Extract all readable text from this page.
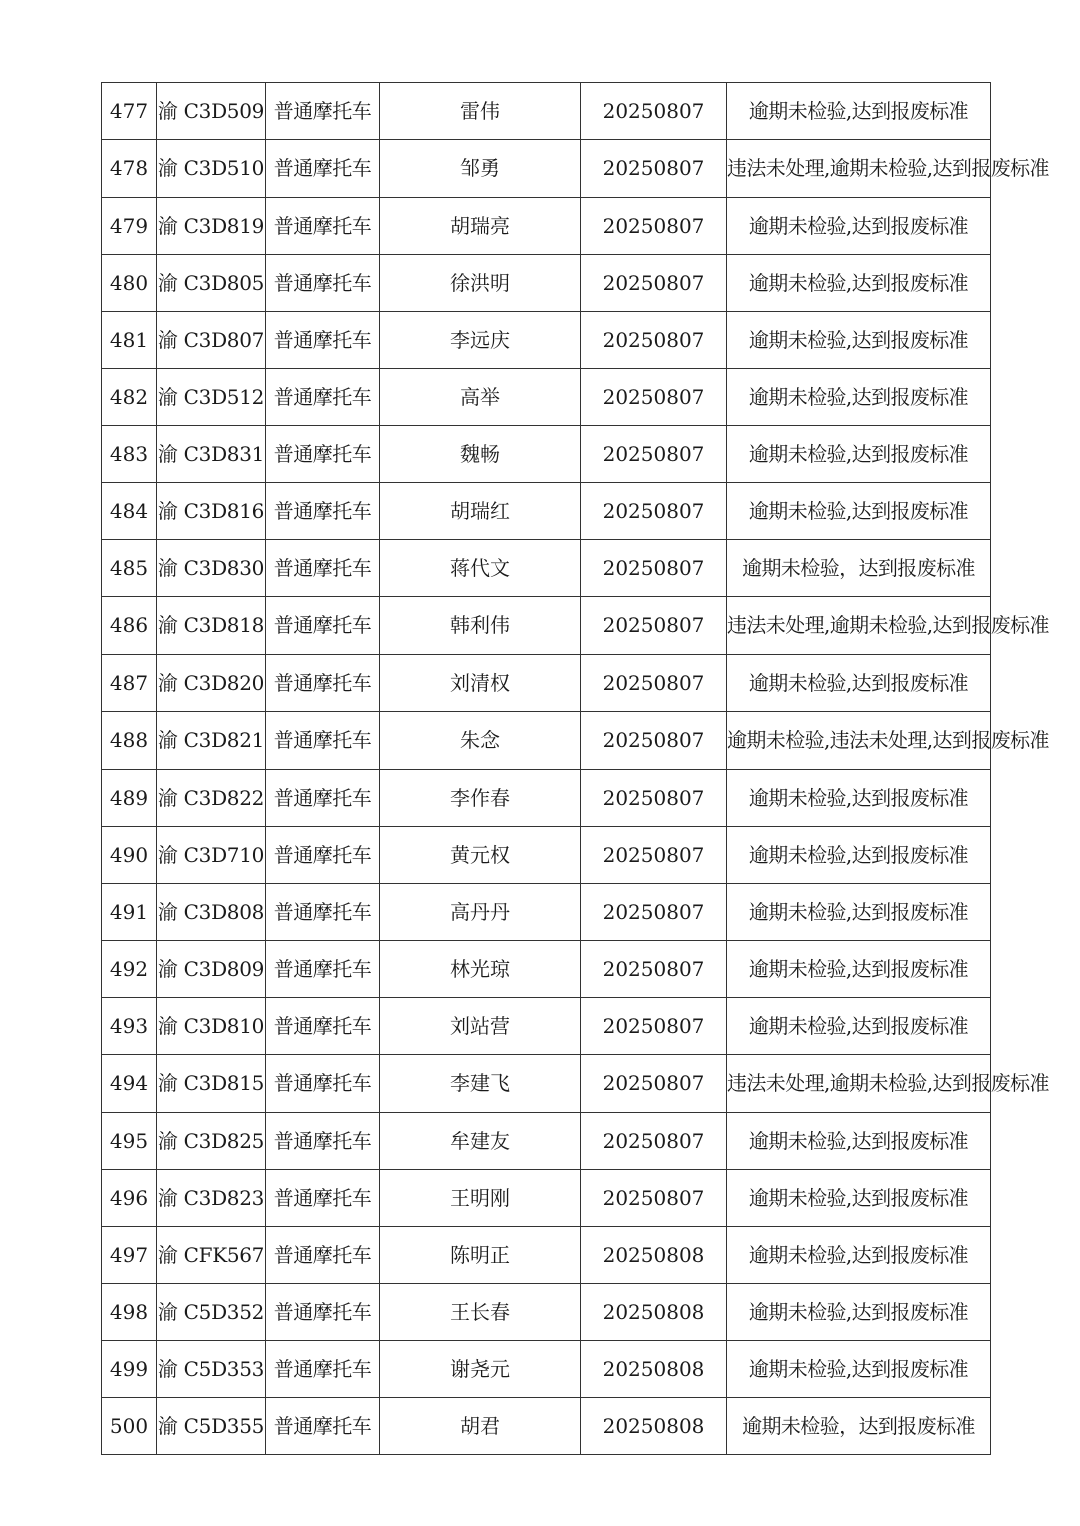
477	渝 C3D509	普通摩托车	雷伟	20250807	逾期未检验,达到报废标准
478	渝 C3D510	普通摩托车	邹勇	20250807	违法未处理,逾期未检验,达到报废标准
479	渝 C3D819	普通摩托车	胡瑞亮	20250807	逾期未检验,达到报废标准
480	渝 C3D805	普通摩托车	徐洪明	20250807	逾期未检验,达到报废标准
481	渝 C3D807	普通摩托车	李远庆	20250807	逾期未检验,达到报废标准
482	渝 C3D512	普通摩托车	高举	20250807	逾期未检验,达到报废标准
483	渝 C3D831	普通摩托车	魏畅	20250807	逾期未检验,达到报废标准
484	渝 C3D816	普通摩托车	胡瑞红	20250807	逾期未检验,达到报废标准
485	渝 C3D830	普通摩托车	蒋代文	20250807	逾期未检验，达到报废标准
486	渝 C3D818	普通摩托车	韩利伟	20250807	违法未处理,逾期未检验,达到报废标准
487	渝 C3D820	普通摩托车	刘清权	20250807	逾期未检验,达到报废标准
488	渝 C3D821	普通摩托车	朱念	20250807	逾期未检验,违法未处理,达到报废标准
489	渝 C3D822	普通摩托车	李作春	20250807	逾期未检验,达到报废标准
490	渝 C3D710	普通摩托车	黄元权	20250807	逾期未检验,达到报废标准
491	渝 C3D808	普通摩托车	高丹丹	20250807	逾期未检验,达到报废标准
492	渝 C3D809	普通摩托车	林光琼	20250807	逾期未检验,达到报废标准
493	渝 C3D810	普通摩托车	刘站营	20250807	逾期未检验,达到报废标准
494	渝 C3D815	普通摩托车	李建飞	20250807	违法未处理,逾期未检验,达到报废标准
495	渝 C3D825	普通摩托车	牟建友	20250807	逾期未检验,达到报废标准
496	渝 C3D823	普通摩托车	王明刚	20250807	逾期未检验,达到报废标准
497	渝 CFK567	普通摩托车	陈明正	20250808	逾期未检验,达到报废标准
498	渝 C5D352	普通摩托车	王长春	20250808	逾期未检验,达到报废标准
499	渝 C5D353	普通摩托车	谢尧元	20250808	逾期未检验,达到报废标准
500	渝 C5D355	普通摩托车	胡君	20250808	逾期未检验，达到报废标准
